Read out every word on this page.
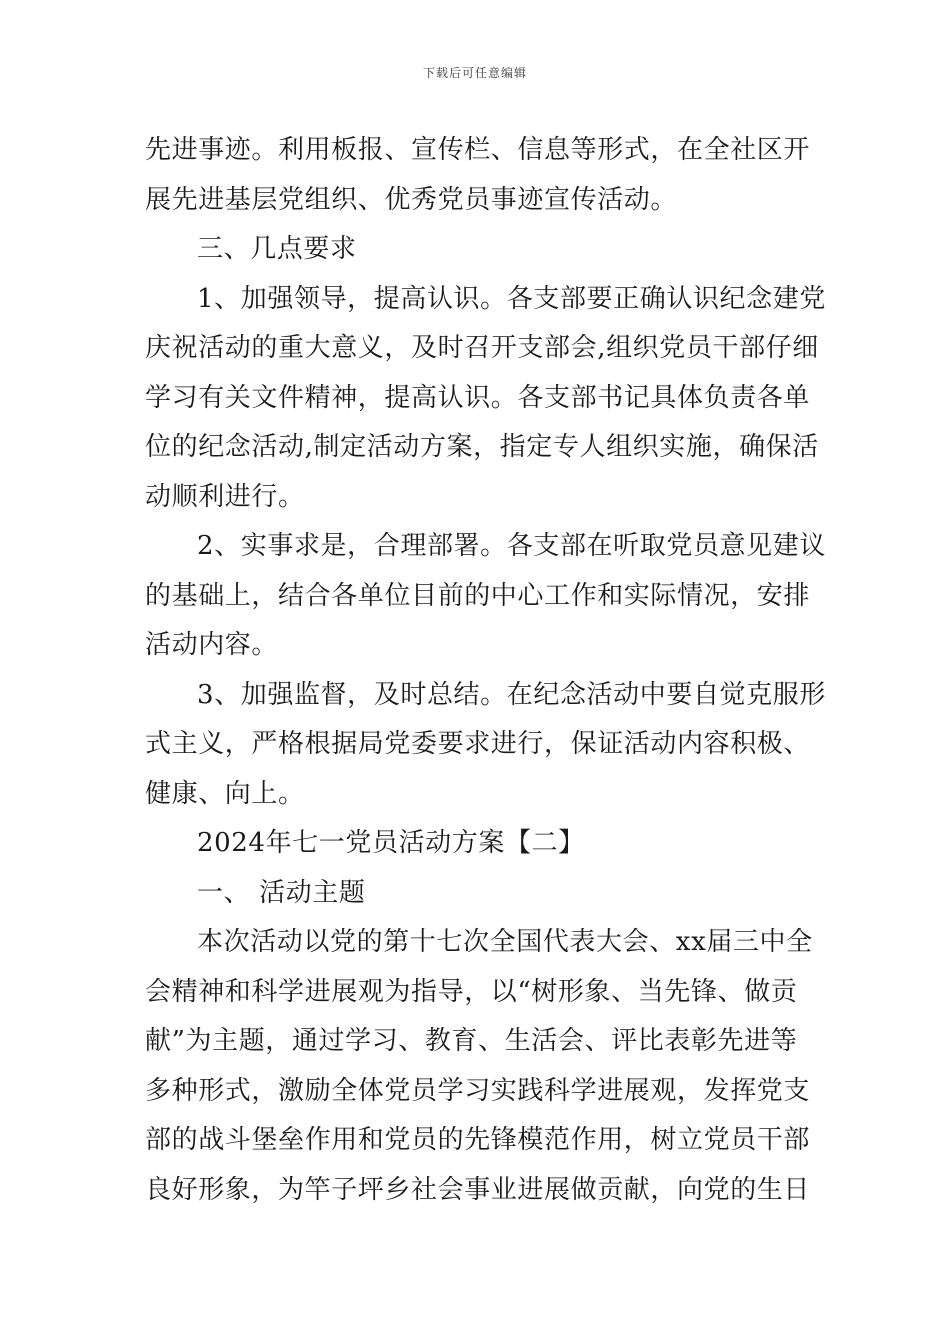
下载后可任意编辑
先进事迹。利用板报、宣传栏、信息等形式，在全社区开
展先进基层党组织、优秀党员事迹宣传活动。
三、几点要求
1、加强领导，提高认识。各支部要正确认识纪念建党
庆祝活动的重大意义，及时召开支部会,组织党员干部仔细
学习有关文件精神，提高认识。各支部书记具体负责各单
位的纪念活动,制定活动方案，指定专人组织实施，确保活
动顺利进行。
2、实事求是，合理部署。各支部在听取党员意见建议
的基础上，结合各单位目前的中心工作和实际情况，安排
活动内容。
3、加强监督，及时总结。在纪念活动中要自觉克服形
式主义，严格根据局党委要求进行，保证活动内容积极、
健康、向上。
2024年七一党员活动方案【二】
一、 活动主题
本次活动以党的第十七次全国代表大会、xx届三中全
会精神和科学进展观为指导，以“树形象、当先锋、做贡
献”为主题，通过学习、教育、生活会、评比表彰先进等
多种形式，激励全体党员学习实践科学进展观，发挥党支
部的战斗堡垒作用和党员的先锋模范作用，树立党员干部
良好形象，为竿子坪乡社会事业进展做贡献，向党的生日
